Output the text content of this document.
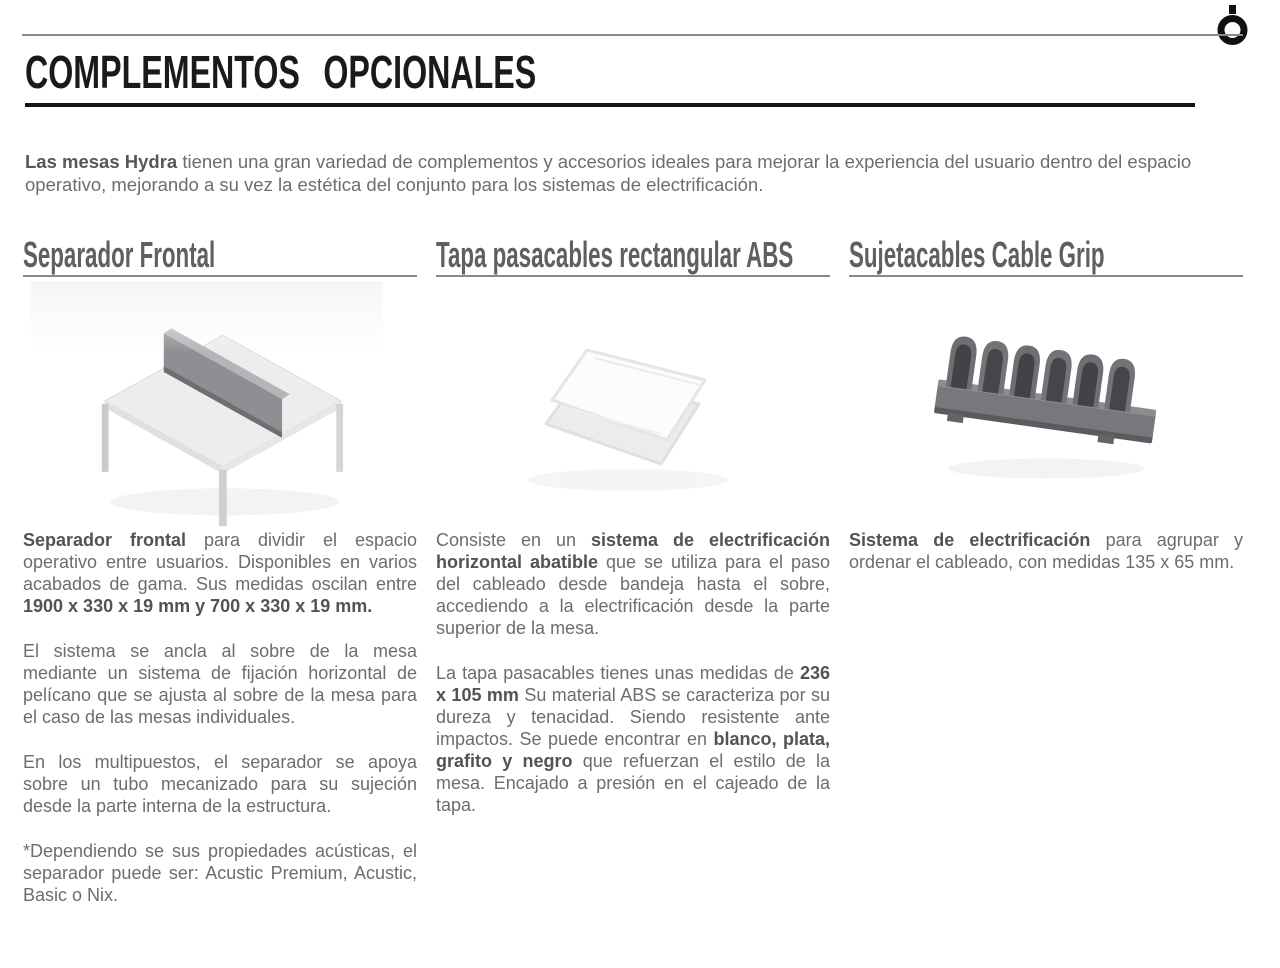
COMPLEMENTOS OPCIONALES

Las mesas Hydra tienen una gran variedad de complementos y accesorios ideales para mejorar la experiencia del usuario dentro del espacio operativo, mejorando a su vez la estética del conjunto para los sistemas de electrificación.

Separador Frontal

Separador frontal para dividir el espacio operativo entre usuarios. Disponibles en varios acabados de gama. Sus medidas oscilan entre 1900 x 330 x 19 mm y 700 x 330 x 19 mm.

El sistema se ancla al sobre de la mesa mediante un sistema de fijación horizontal de pelícano que se ajusta al sobre de la mesa para el caso de las mesas individuales.

En los multipuestos, el separador se apoya sobre un tubo mecanizado para su sujeción desde la parte interna de la estructura.

*Dependiendo se sus propiedades acústicas, el separador puede ser: Acustic Premium, Acustic, Basic o Nix.

Tapa pasacables rectangular ABS

Consiste en un sistema de electrificación horizontal abatible que se utiliza para el paso del cableado desde bandeja hasta el sobre, accediendo a la electrificación desde la parte superior de la mesa.

La tapa pasacables tienes unas medidas de 236 x 105 mm Su material ABS se caracteriza por su dureza y tenacidad. Siendo resistente ante impactos. Se puede encontrar en blanco, plata, grafito y negro que refuerzan el estilo de la mesa. Encajado a presión en el cajeado de la tapa.

Sujetacables Cable Grip

Sistema de electrificación para agrupar y ordenar el cableado, con medidas 135 x 65 mm.
